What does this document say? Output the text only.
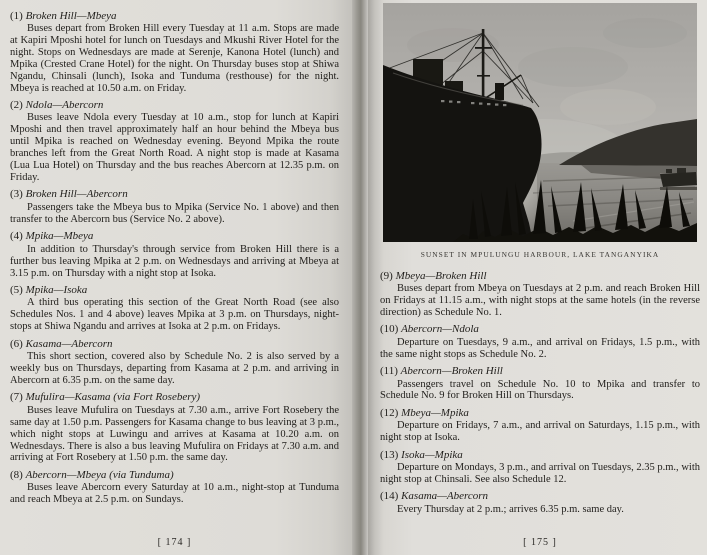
(1) Broken Hill—Mbeya

Buses depart from Broken Hill every Tuesday at 11 a.m. Stops are made at Kapiri Mposhi hotel for lunch on Tuesdays and Mkushi River Hotel for the night. Stops on Wednesdays are made at Serenje, Kanona Hotel (lunch) and Mpika (Crested Crane Hotel) for the night. On Thursday buses stop at Shiwa Ngandu, Chinsali (lunch), Isoka and Tunduma (resthouse) for the night. Mbeya is reached at 10.50 a.m. on Friday.

(2) Ndola—Abercorn

Buses leave Ndola every Tuesday at 10 a.m., stop for lunch at Kapiri Mposhi and then travel approximately half an hour behind the Mbeya bus until Mpika is reached on Wednesday evening. Beyond Mpika the route branches left from the Great North Road. A night stop is made at Kasama (Lua Lua Hotel) on Thursday and the bus reaches Abercorn at 12.35 p.m. on Friday.

(3) Broken Hill—Abercorn

Passengers take the Mbeya bus to Mpika (Service No. 1 above) and then transfer to the Abercorn bus (Service No. 2 above).

(4) Mpika—Mbeya

In addition to Thursday's through service from Broken Hill there is a further bus leaving Mpika at 2 p.m. on Wednesdays and arriving at Mbeya at 3.15 p.m. on Thursday with a night stop at Isoka.

(5) Mpika—Isoka

A third bus operating this section of the Great North Road (see also Schedules Nos. 1 and 4 above) leaves Mpika at 3 p.m. on Thursdays, night-stops at Shiwa Ngandu and arrives at Isoka at 2 p.m. on Fridays.

(6) Kasama—Abercorn

This short section, covered also by Schedule No. 2 is also served by a weekly bus on Thursdays, departing from Kasama at 2 p.m. and arriving in Abercorn at 6.35 p.m. on the same day.

(7) Mufulira—Kasama (via Fort Rosebery)

Buses leave Mufulira on Tuesdays at 7.30 a.m., arrive Fort Rosebery the same day at 1.50 p.m. Passengers for Kasama change to bus leaving at 3 p.m., which night stops at Luwingu and arrives at Kasama at 10.20 a.m. on Wednesdays. There is also a bus leaving Mufulira on Fridays at 7.30 a.m. and arriving at Fort Rosebery at 1.50 p.m. the same day.

(8) Abercorn—Mbeya (via Tunduma)

Buses leave Abercorn every Saturday at 10 a.m., night-stop at Tunduma and reach Mbeya at 2.5 p.m. on Sundays.

[ 174 ]
SUNSET IN MPULUNGU HARBOUR, LAKE TANGANYIKA
(9) Mbeya—Broken Hill

Buses depart from Mbeya on Tuesdays at 2 p.m. and reach Broken Hill on Fridays at 11.15 a.m., with night stops at the same hotels (in the reverse direction) as Schedule No. 1.

(10) Abercorn—Ndola

Departure on Tuesdays, 9 a.m., and arrival on Fridays, 1.5 p.m., with the same night stops as Schedule No. 2.

(11) Abercorn—Broken Hill

Passengers travel on Schedule No. 10 to Mpika and transfer to Schedule No. 9 for Broken Hill on Thursdays.

(12) Mbeya—Mpika

Departure on Fridays, 7 a.m., and arrival on Saturdays, 1.15 p.m., with night stop at Isoka.

(13) Isoka—Mpika

Departure on Mondays, 3 p.m., and arrival on Tuesdays, 2.35 p.m., with night stop at Chinsali. See also Schedule 12.

(14) Kasama—Abercorn

Every Thursday at 2 p.m.; arrives 6.35 p.m. same day.

[ 175 ]
